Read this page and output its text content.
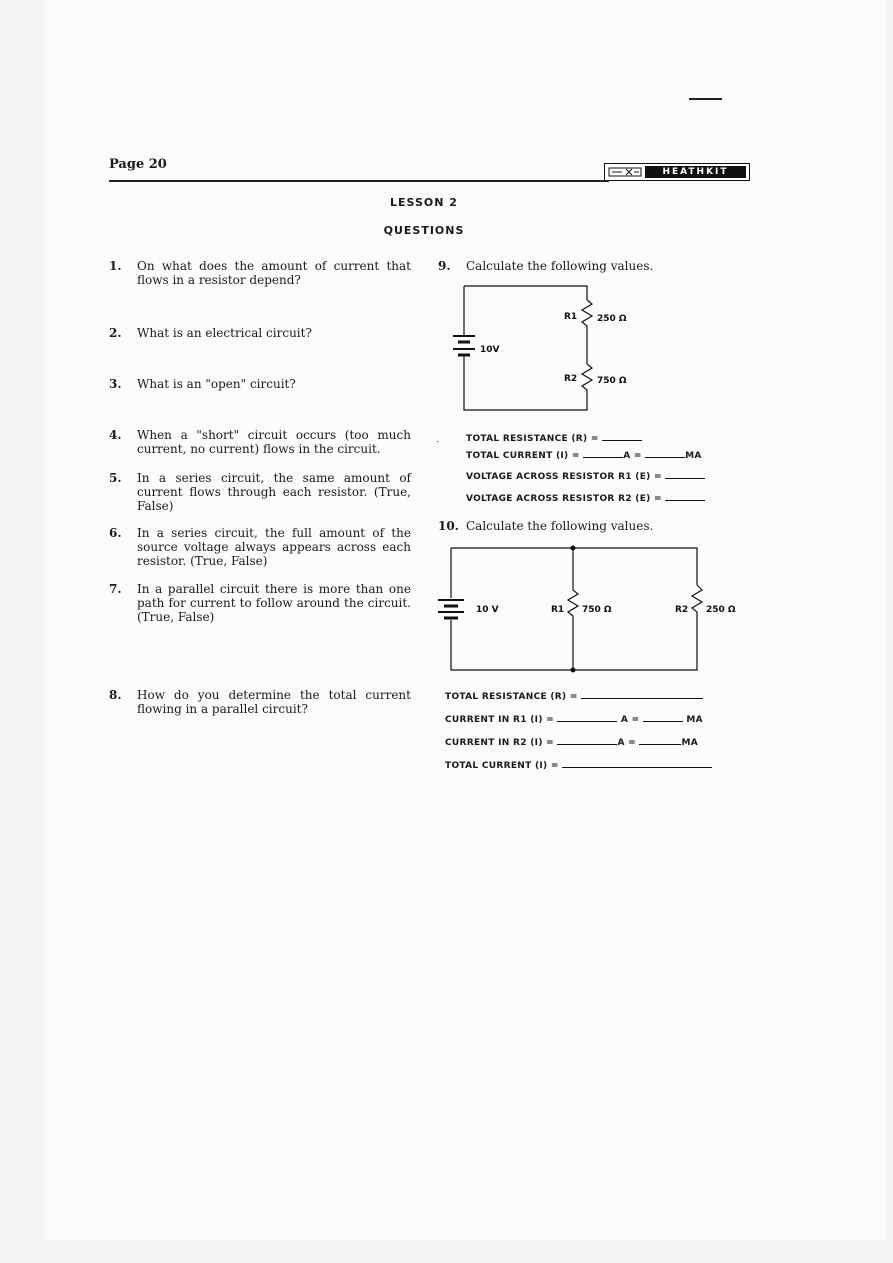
Page 20	HEATHKIT
LESSON 2
QUESTIONS
1. On what does the amount of current that flows in a resistor depend?
2. What is an electrical circuit?
3. What is an "open" circuit?
4. When a "short" circuit occurs (too much current, no current) flows in the circuit.
5. In a series circuit, the same amount of current flows through each resistor. (True, False)
6. In a series circuit, the full amount of the source voltage always appears across each resistor. (True, False)
7. In a parallel circuit there is more than one path for current to follow around the circuit. (True, False)
8. How do you determine the total current flowing in a parallel circuit?
9. Calculate the following values.
10V
R1 250 Ω
R2 750 Ω
ˎ	TOTAL RESISTANCE (R) =
TOTAL CURRENT (I) =	A =	MA
VOLTAGE ACROSS RESISTOR R1 (E) =
VOLTAGE ACROSS RESISTOR R2 (E) =
10. Calculate the following values.
10 V	R1 750 Ω	R2 250 Ω
TOTAL RESISTANCE (R) =
CURRENT IN R1 (I) =	A =	MA
CURRENT IN R2 (I) =	A =	MA
TOTAL CURRENT (I) =
